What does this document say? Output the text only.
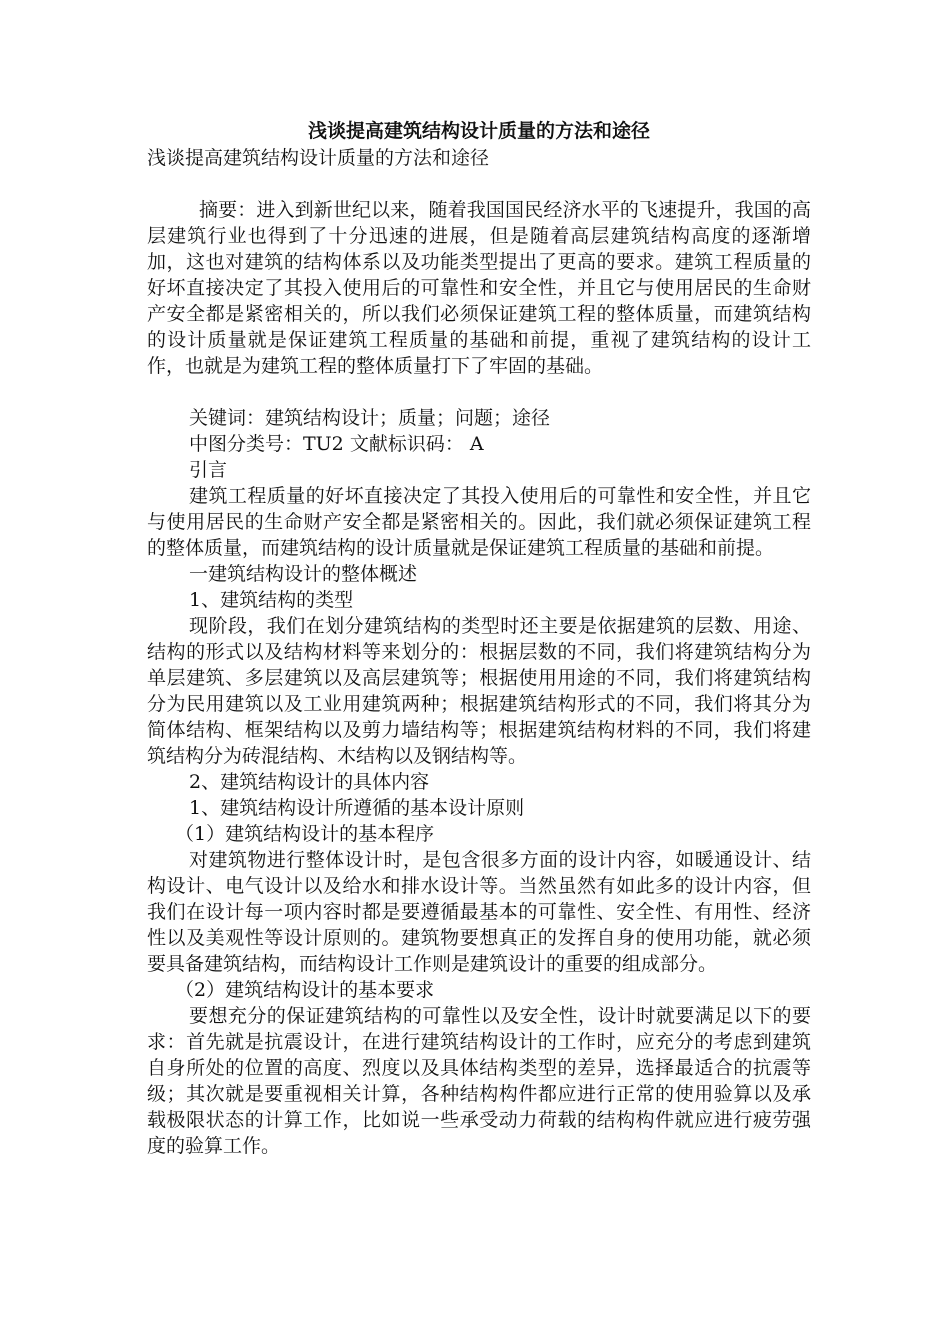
浅谈提高建筑结构设计质量的方法和途径
浅谈提高建筑结构设计质量的方法和途径

摘要：进入到新世纪以来，随着我国国民经济水平的飞速提升，我国的高层建筑行业也得到了十分迅速的进展，但是随着高层建筑结构高度的逐渐增加，这也对建筑的结构体系以及功能类型提出了更高的要求。建筑工程质量的好坏直接决定了其投入使用后的可靠性和安全性，并且它与使用居民的生命财产安全都是紧密相关的，所以我们必须保证建筑工程的整体质量，而建筑结构的设计质量就是保证建筑工程质量的基础和前提，重视了建筑结构的设计工作，也就是为建筑工程的整体质量打下了牢固的基础。

关键词：建筑结构设计；质量；问题；途径

中图分类号：TU2 文献标识码： A

引言

建筑工程质量的好坏直接决定了其投入使用后的可靠性和安全性，并且它与使用居民的生命财产安全都是紧密相关的。因此，我们就必须保证建筑工程的整体质量，而建筑结构的设计质量就是保证建筑工程质量的基础和前提。

一建筑结构设计的整体概述

1、建筑结构的类型

现阶段，我们在划分建筑结构的类型时还主要是依据建筑的层数、用途、结构的形式以及结构材料等来划分的：根据层数的不同，我们将建筑结构分为单层建筑、多层建筑以及高层建筑等；根据使用用途的不同，我们将建筑结构分为民用建筑以及工业用建筑两种；根据建筑结构形式的不同，我们将其分为简体结构、框架结构以及剪力墙结构等；根据建筑结构材料的不同，我们将建筑结构分为砖混结构、木结构以及钢结构等。

2、建筑结构设计的具体内容

1、建筑结构设计所遵循的基本设计原则

（1）建筑结构设计的基本程序

对建筑物进行整体设计时，是包含很多方面的设计内容，如暖通设计、结构设计、电气设计以及给水和排水设计等。当然虽然有如此多的设计内容，但我们在设计每一项内容时都是要遵循最基本的可靠性、安全性、有用性、经济性以及美观性等设计原则的。建筑物要想真正的发挥自身的使用功能，就必须要具备建筑结构，而结构设计工作则是建筑设计的重要的组成部分。

（2）建筑结构设计的基本要求

要想充分的保证建筑结构的可靠性以及安全性，设计时就要满足以下的要求：首先就是抗震设计，在进行建筑结构设计的工作时，应充分的考虑到建筑自身所处的位置的高度、烈度以及具体结构类型的差异，选择最适合的抗震等级；其次就是要重视相关计算，各种结构构件都应进行正常的使用验算以及承载极限状态的计算工作，比如说一些承受动力荷载的结构构件就应进行疲劳强度的验算工作。
